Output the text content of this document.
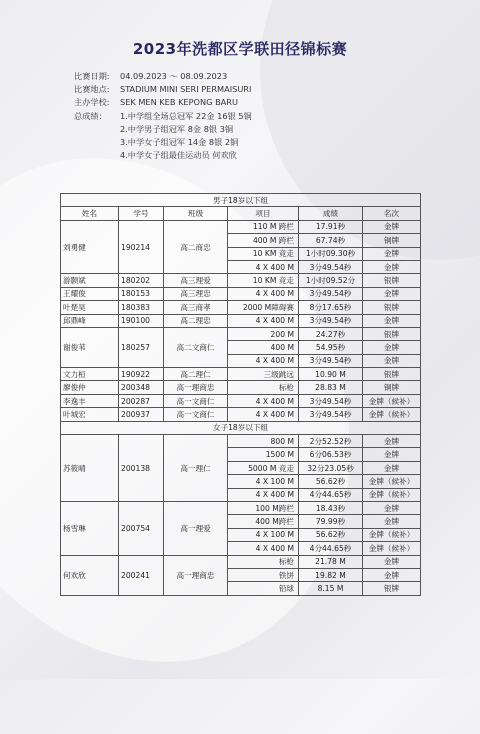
2023年洗都区学联田径锦标赛
比赛日期: 04.09.2023 ～ 08.09.2023
比赛地点: STADIUM MINI SERI PERMAISURI
主办学校: SEK MEN KEB KEPONG BARU
总成绩： 1.中学组全场总冠军 22金 16银 5铜
2.中学男子组冠军 8金 8银 3铜
3.中学女子组冠军 14金 8银 2铜
4.中学女子组最佳运动员 何欢欣
男子18岁以下组					
姓名	学号	班级	项目	成绩	名次
刘勇健	190214	高二商忠	110 M 跨栏	17.91秒	金牌
			400 M 跨栏	67.74秒	铜牌
			10 KM 竞走	1小时09.30秒	金牌
			4 X 400 M	3分49.54秒	金牌
游颢斌	180202	高三理爱	10 KM 竞走	1小时09.52分	银牌
王耀俊	180153	高三理忠	4 X 400 M	3分49.54秒	金牌
叶楚昊	180383	高三商孝	2000 M障碍赛	8分17.65秒	银牌
邱鼎峰	190100	高二理忠	4 X 400 M	3分49.54秒	金牌
谢俊苇	180257	高二文商仁	200 M	24.27秒	银牌
			400 M	54.95秒	金牌
			4 X 400 M	3分49.54秒	金牌
文力桓	190922	高二理仁	三级跳远	10.90 M	银牌
廖俊仲	200348	高一理商忠	标枪	28.83 M	铜牌
李逸丰	200287	高一文商仁	4 X 400 M	3分49.54秒	金牌（候补）
叶城宏	200937	高一文商仁	4 X 400 M	3分49.54秒	金牌（候补）
女子18岁以下组					
苏筱晴	200138	高一理仁	800 M	2分52.52秒	金牌
			1500 M	6分06.53秒	金牌
			5000 M 竞走	32分23.05秒	金牌
			4 X 100 M	56.62秒	金牌（候补）
			4 X 400 M	4分44.65秒	金牌（候补）
杨雪琳	200754	高一理爱	100 M跨栏	18.43秒	金牌
			400 M跨栏	79.99秒	金牌
			4 X 100 M	56.62秒	金牌（候补）
			4 X 400 M	4分44.65秒	金牌（候补）
何欢欣	200241	高一理商忠	标枪	21.78 M	金牌
			铁饼	19.82 M	金牌
			铅球	8.15 M	银牌
